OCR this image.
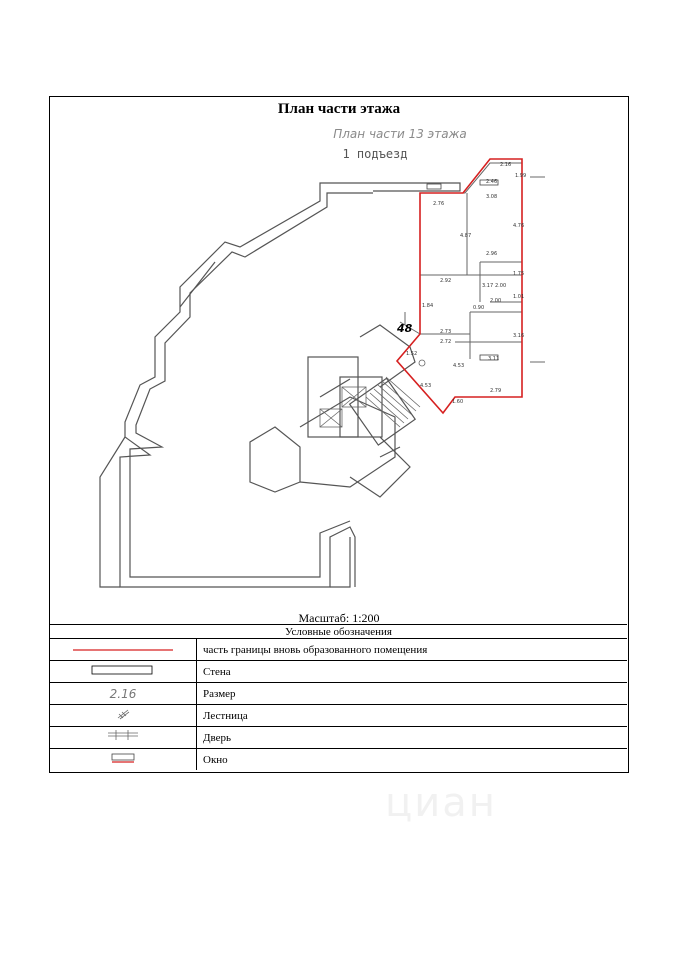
План части этажа
План части 13 этажа
1 подъезд
2.16
1.99
2.46
3.08
4.76
2.76
4.87
2.96
1.75
2.00
1.01
2.00
2.92
3.17
0.90
1.84
2.73
2.72
3.16
1.52
3.11
2.79
4.53
4.53
1.60
48
Масштаб: 1:200
Условные обозначения	
	часть границы вновь образованного помещения
	Стена
2.16	Размер
	Лестница
	Дверь
	Окно
циан
